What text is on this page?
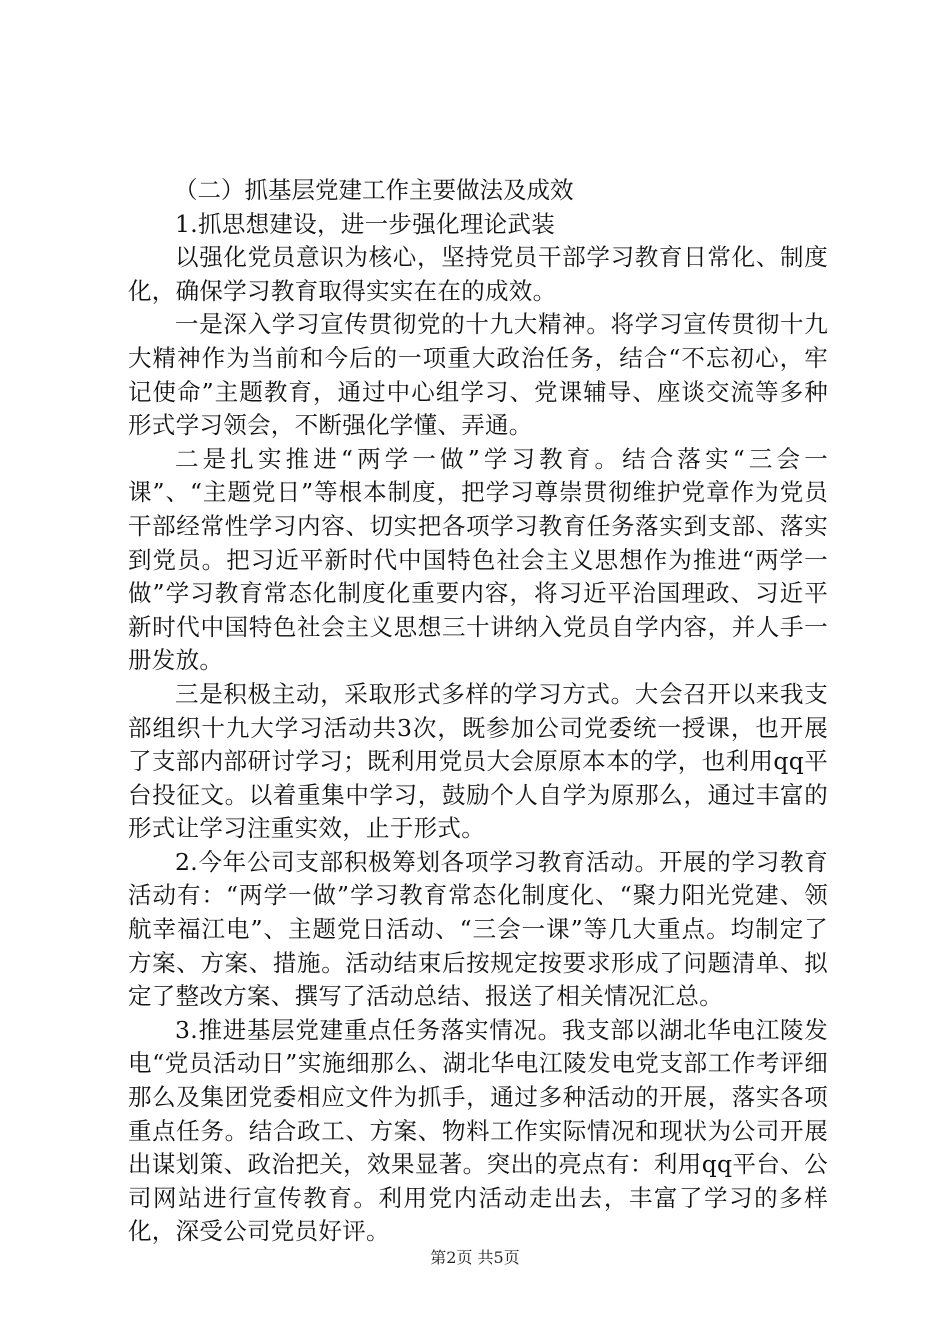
（二）抓基层党建工作主要做法及成效

1.抓思想建设，进一步强化理论武装

以强化党员意识为核心，坚持党员干部学习教育日常化、制度化，确保学习教育取得实实在在的成效。

一是深入学习宣传贯彻党的十九大精神。将学习宣传贯彻十九大精神作为当前和今后的一项重大政治任务，结合“不忘初心，牢记使命”主题教育，通过中心组学习、党课辅导、座谈交流等多种形式学习领会，不断强化学懂、弄通。

二是扎实推进“两学一做”学习教育。结合落实“三会一课”、“主题党日”等根本制度，把学习尊崇贯彻维护党章作为党员干部经常性学习内容、切实把各项学习教育任务落实到支部、落实到党员。把习近平新时代中国特色社会主义思想作为推进“两学一做”学习教育常态化制度化重要内容，将习近平治国理政、习近平新时代中国特色社会主义思想三十讲纳入党员自学内容，并人手一册发放。

三是积极主动，采取形式多样的学习方式。大会召开以来我支部组织十九大学习活动共3次，既参加公司党委统一授课，也开展了支部内部研讨学习；既利用党员大会原原本本的学，也利用qq平台投征文。以着重集中学习，鼓励个人自学为原那么，通过丰富的形式让学习注重实效，止于形式。

2.今年公司支部积极筹划各项学习教育活动。开展的学习教育活动有：“两学一做”学习教育常态化制度化、“聚力阳光党建、领航幸福江电”、主题党日活动、“三会一课”等几大重点。均制定了方案、方案、措施。活动结束后按规定按要求形成了问题清单、拟定了整改方案、撰写了活动总结、报送了相关情况汇总。

3.推进基层党建重点任务落实情况。我支部以湖北华电江陵发电“党员活动日”实施细那么、湖北华电江陵发电党支部工作考评细那么及集团党委相应文件为抓手，通过多种活动的开展，落实各项重点任务。结合政工、方案、物料工作实际情况和现状为公司开展出谋划策、政治把关，效果显著。突出的亮点有：利用qq平台、公司网站进行宣传教育。利用党内活动走出去，丰富了学习的多样化，深受公司党员好评。

第2页 共5页
